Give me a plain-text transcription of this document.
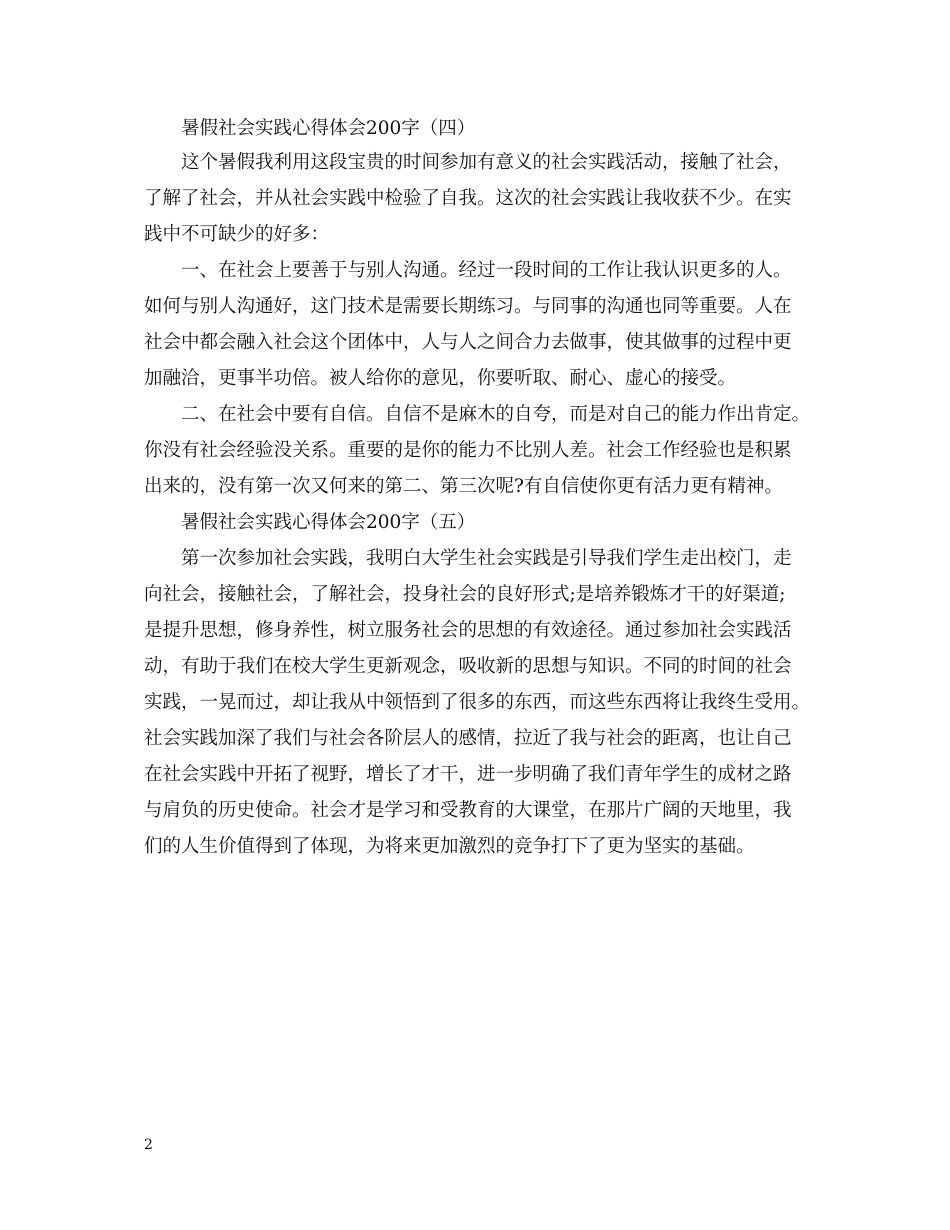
暑假社会实践心得体会200字（四）
这个暑假我利用这段宝贵的时间参加有意义的社会实践活动，接触了社会，
了解了社会，并从社会实践中检验了自我。这次的社会实践让我收获不少。在实
践中不可缺少的好多：
一、在社会上要善于与别人沟通。经过一段时间的工作让我认识更多的人。
如何与别人沟通好，这门技术是需要长期练习。与同事的沟通也同等重要。人在
社会中都会融入社会这个团体中，人与人之间合力去做事，使其做事的过程中更
加融洽，更事半功倍。被人给你的意见，你要听取、耐心、虚心的接受。
二、在社会中要有自信。自信不是麻木的自夸，而是对自己的能力作出肯定。
你没有社会经验没关系。重要的是你的能力不比别人差。社会工作经验也是积累
出来的，没有第一次又何来的第二、第三次呢?有自信使你更有活力更有精神。
暑假社会实践心得体会200字（五）
第一次参加社会实践，我明白大学生社会实践是引导我们学生走出校门，走
向社会，接触社会，了解社会，投身社会的良好形式;是培养锻炼才干的好渠道;
是提升思想，修身养性，树立服务社会的思想的有效途径。通过参加社会实践活
动，有助于我们在校大学生更新观念，吸收新的思想与知识。不同的时间的社会
实践，一晃而过，却让我从中领悟到了很多的东西，而这些东西将让我终生受用。
社会实践加深了我们与社会各阶层人的感情，拉近了我与社会的距离，也让自己
在社会实践中开拓了视野，增长了才干，进一步明确了我们青年学生的成材之路
与肩负的历史使命。社会才是学习和受教育的大课堂，在那片广阔的天地里，我
们的人生价值得到了体现，为将来更加激烈的竞争打下了更为坚实的基础。
2
